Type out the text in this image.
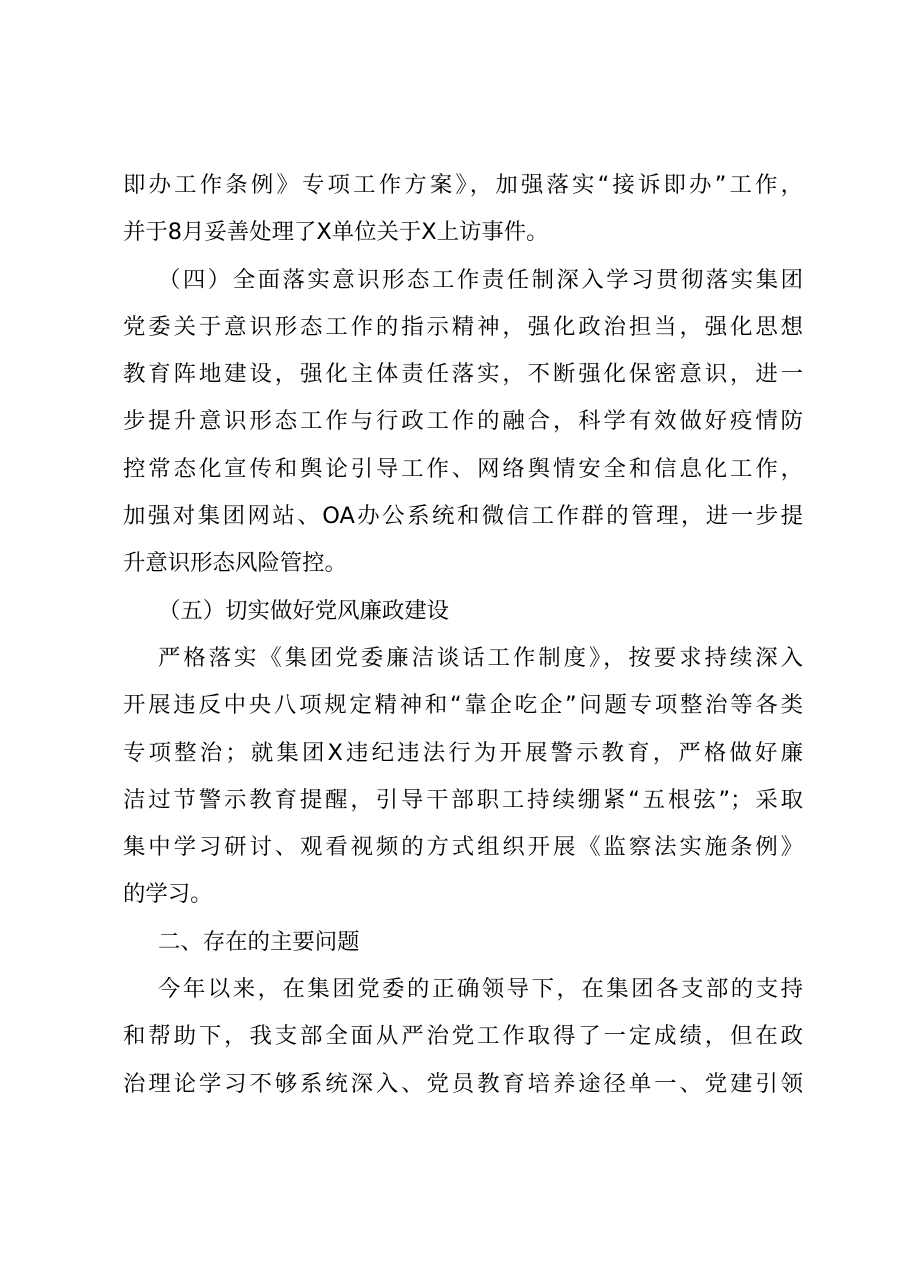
即办工作条例》专项工作方案》，加强落实“接诉即办”工作，
并于8月妥善处理了X单位关于X上访事件。
（四）全面落实意识形态工作责任制深入学习贯彻落实集团
党委关于意识形态工作的指示精神，强化政治担当，强化思想
教育阵地建设，强化主体责任落实，不断强化保密意识，进一
步提升意识形态工作与行政工作的融合，科学有效做好疫情防
控常态化宣传和舆论引导工作、网络舆情安全和信息化工作，
加强对集团网站、OA办公系统和微信工作群的管理，进一步提
升意识形态风险管控。
（五）切实做好党风廉政建设
严格落实《集团党委廉洁谈话工作制度》，按要求持续深入
开展违反中央八项规定精神和“靠企吃企”问题专项整治等各类
专项整治；就集团X违纪违法行为开展警示教育，严格做好廉
洁过节警示教育提醒，引导干部职工持续绷紧“五根弦”；采取
集中学习研讨、观看视频的方式组织开展《监察法实施条例》
的学习。
二、存在的主要问题
今年以来，在集团党委的正确领导下，在集团各支部的支持
和帮助下，我支部全面从严治党工作取得了一定成绩，但在政
治理论学习不够系统深入、党员教育培养途径单一、党建引领
